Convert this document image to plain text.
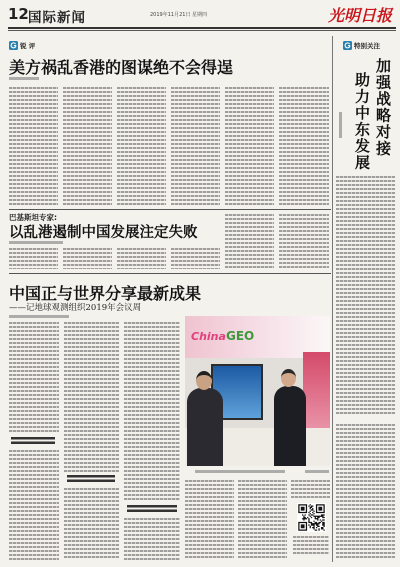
12 国际新闻	2019年11月21日 星期四	光明日报
锐 评
美方祸乱香港的图谋绝不会得逞
特别关注
加强战略对接
助力中东发展
巴基斯坦专家:
以乱港遏制中国发展注定失败
中国正与世界分享最新成果
——记地球观测组织2019年会议周
China GEO
